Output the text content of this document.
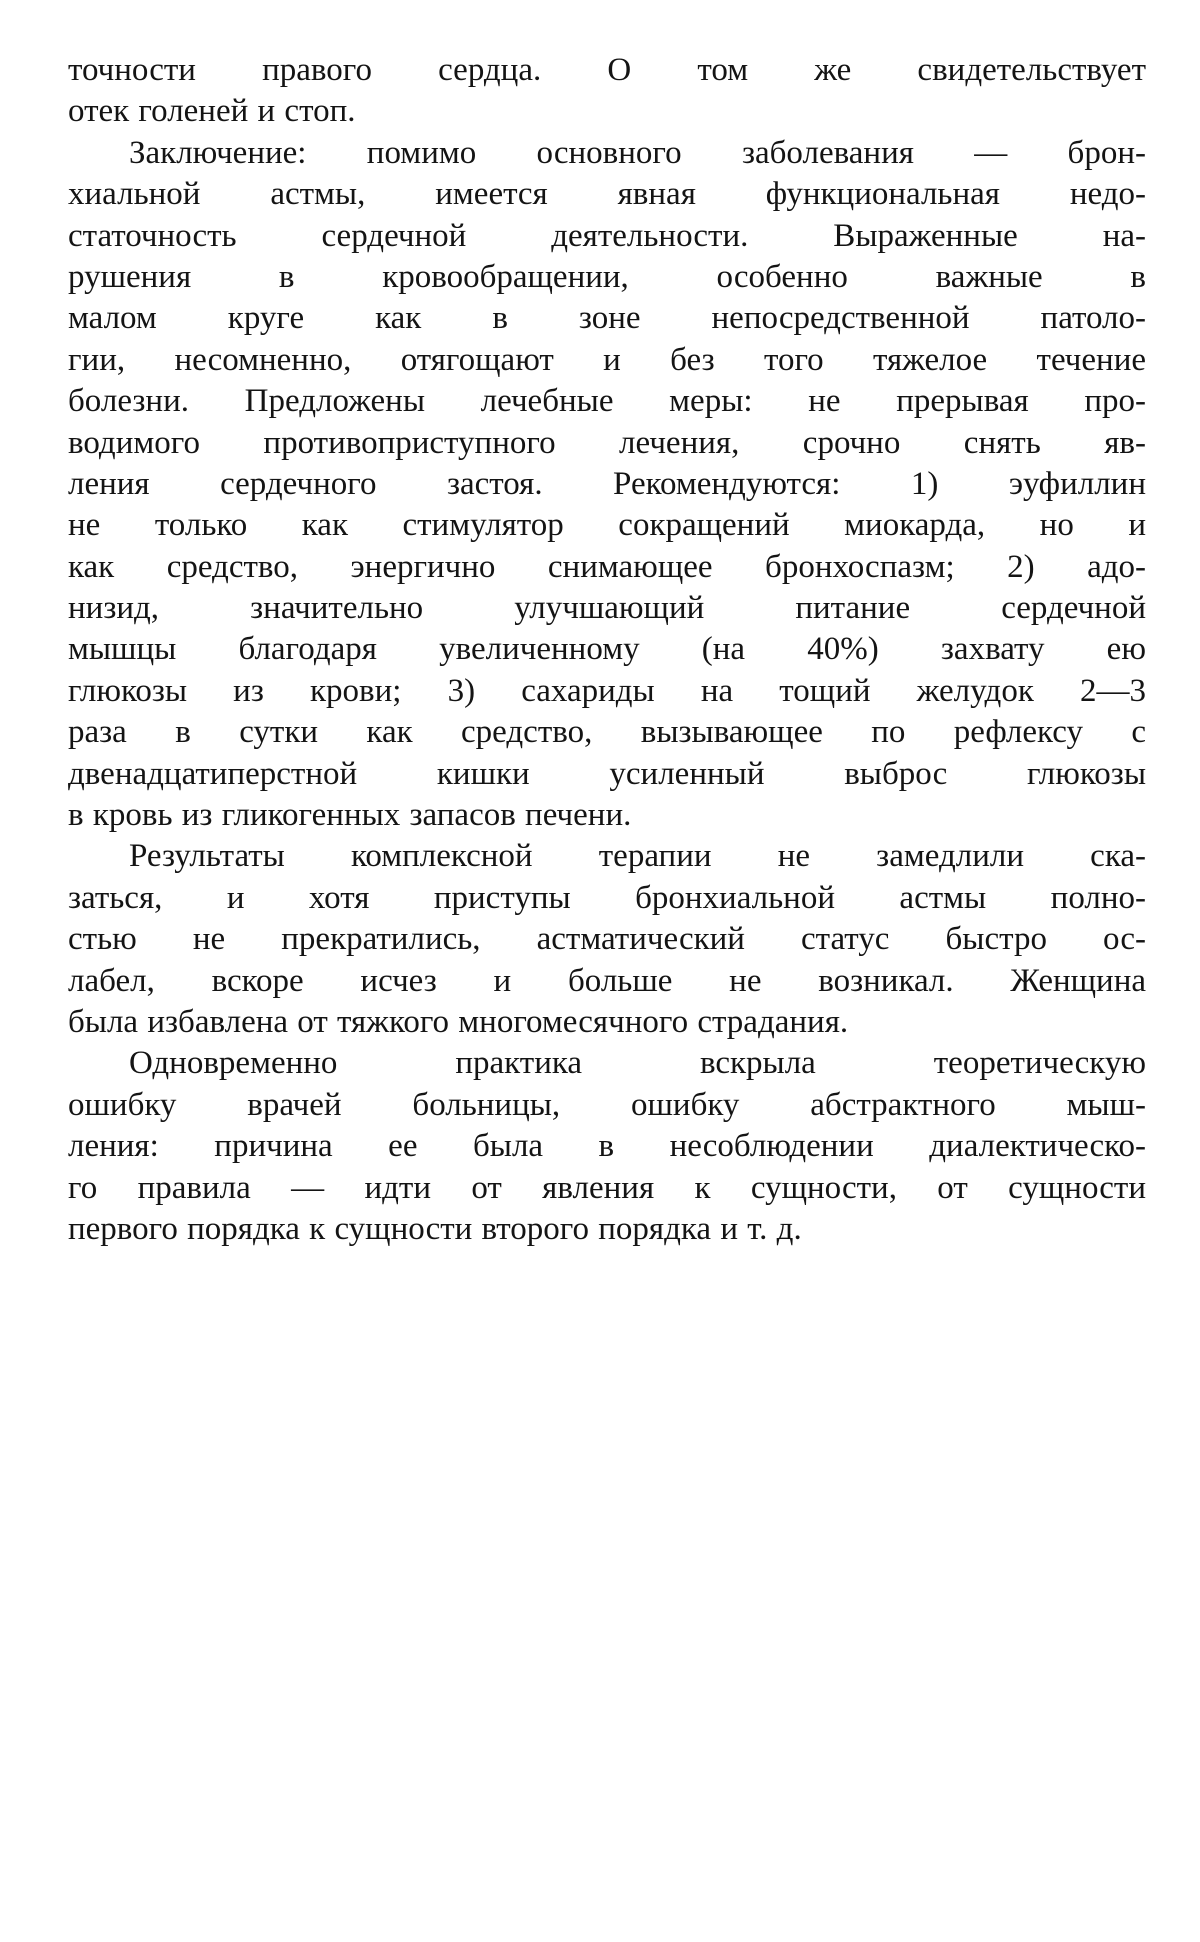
точности правого сердца. О том же свидетельствует
отек голеней и стоп.
Заключение: помимо основного заболевания — брон-
хиальной астмы, имеется явная функциональная недо-
статочность сердечной деятельности. Выраженные на-
рушения в кровообращении, особенно важные в
малом круге как в зоне непосредственной патоло-
гии, несомненно, отягощают и без того тяжелое течение
болезни. Предложены лечебные меры: не прерывая про-
водимого противоприступного лечения, срочно снять яв-
ления сердечного застоя. Рекомендуются: 1) эуфиллин
не только как стимулятор сокращений миокарда, но и
как средство, энергично снимающее бронхоспазм; 2) адо-
низид, значительно улучшающий питание сердечной
мышцы благодаря увеличенному (на 40%) захвату ею
глюкозы из крови; 3) сахариды на тощий желудок 2—3
раза в сутки как средство, вызывающее по рефлексу с
двенадцатиперстной кишки усиленный выброс глюкозы
в кровь из гликогенных запасов печени.
Результаты комплексной терапии не замедлили ска-
заться, и хотя приступы бронхиальной астмы полно-
стью не прекратились, астматический статус быстро ос-
лабел, вскоре исчез и больше не возникал. Женщина
была избавлена от тяжкого многомесячного страдания.
Одновременно практика вскрыла теоретическую
ошибку врачей больницы, ошибку абстрактного мыш-
ления: причина ее была в несоблюдении диалектическо-
го правила — идти от явления к сущности, от сущности
первого порядка к сущности второго порядка и т. д.
